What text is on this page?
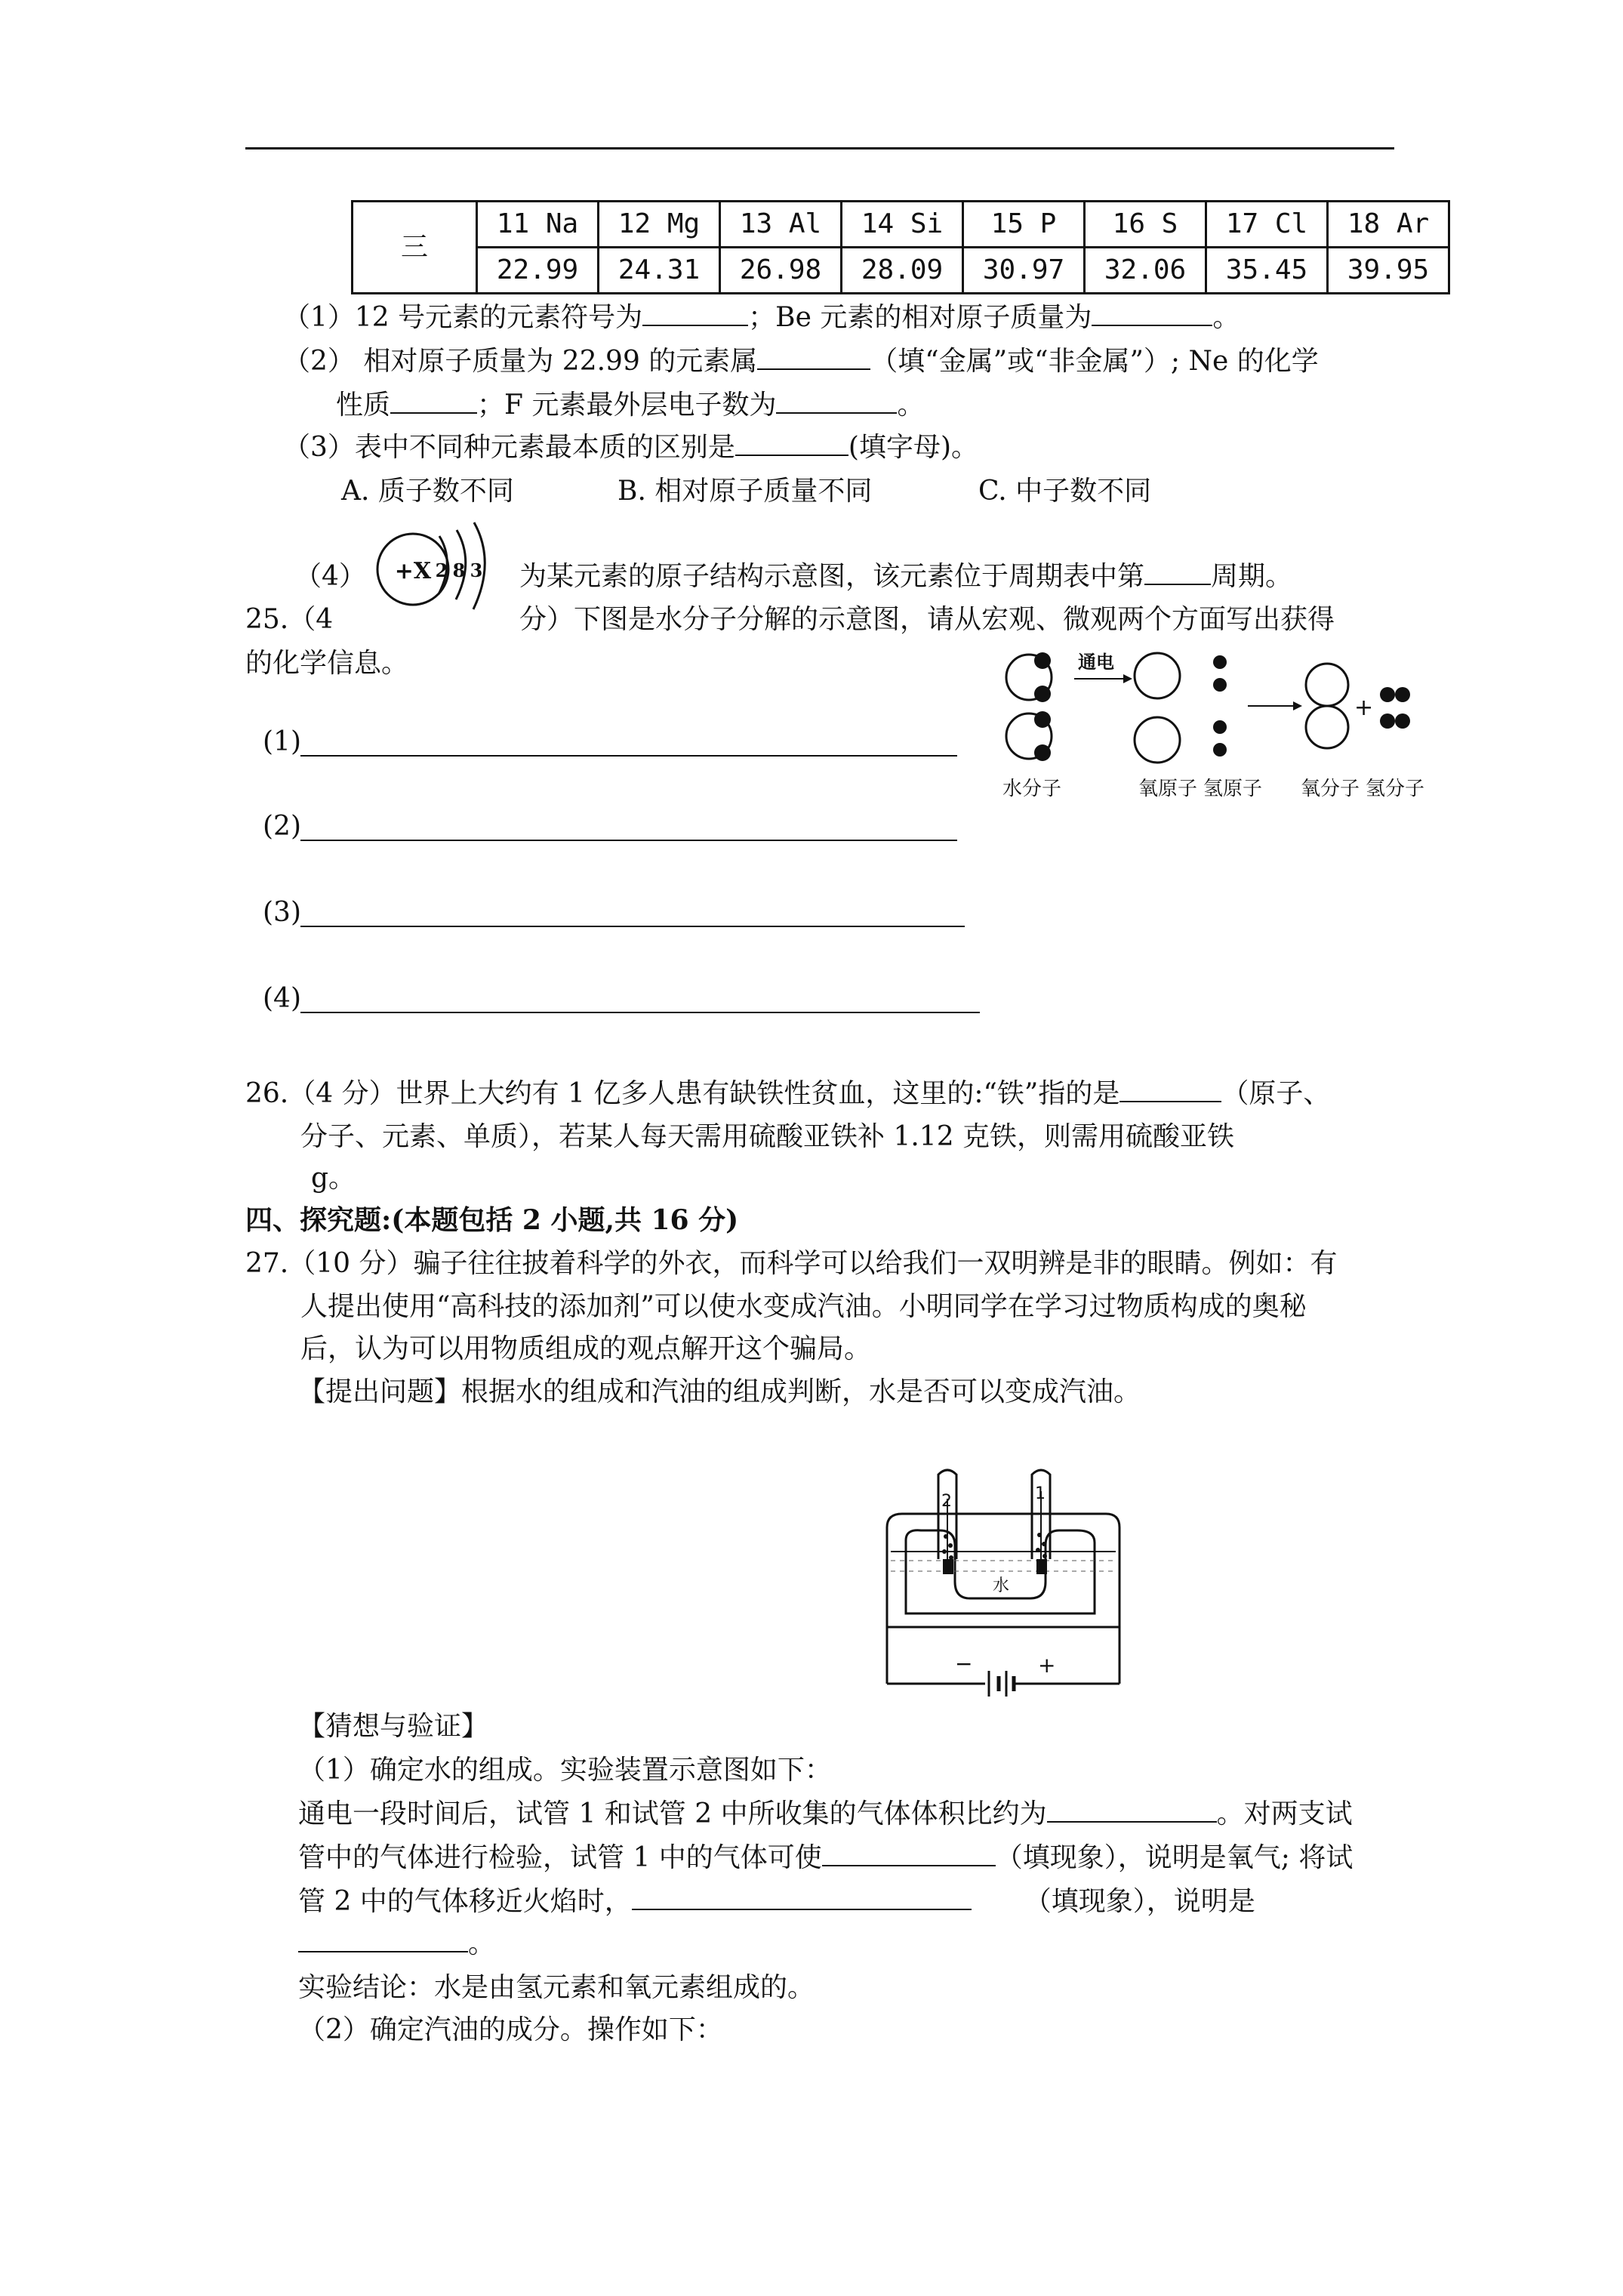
三	11 Na	12 Mg	13 Al	14 Si	15 P	16 S	17 Cl	18 Ar
	22.99	24.31	26.98	28.09	30.97	32.06	35.45	39.95
（1）12 号元素的元素符号为	；Be 元素的相对原子质量为	。
（2） 相对原子质量为 22.99 的元素属	（填“金属”或“非金属”）; Ne 的化学
性质	；F 元素最外层电子数为	。
（3）表中不同种元素最本质的区别是	(填字母)。
A. 质子数不同	B. 相对原子质量不同	C. 中子数不同
（4） +X 2 8 3 为某元素的原子结构示意图，该元素位于周期表中第 周期。
25.（4	分）下图是水分子分解的示意图，请从宏观、微观两个方面写出获得
的化学信息。	通电
+
水分子	氧原子 氢原子 氧分子 氢分子
(1)
(2)
(3)
(4)
26.（4 分）世界上大约有 1 亿多人患有缺铁性贫血，这里的:“铁”指的是	（原子、
分子、元素、单质），若某人每天需用硫酸亚铁补 1.12 克铁，则需用硫酸亚铁
g。
四、探究题:(本题包括 2 小题,共 16 分)
27.（10 分）骗子往往披着科学的外衣，而科学可以给我们一双明辨是非的眼睛。例如：有
人提出使用“高科技的添加剂”可以使水变成汽油。小明同学在学习过物质构成的奥秘
后，认为可以用物质组成的观点解开这个骗局。
【提出问题】根据水的组成和汽油的组成判断，水是否可以变成汽油。
2	1
水
−	+
【猜想与验证】
（1）确定水的组成。实验装置示意图如下：
通电一段时间后，试管 1 和试管 2 中所收集的气体体积比约为	。对两支试
管中的气体进行检验，试管 1 中的气体可使	（填现象），说明是氧气; 将试
管 2 中的气体移近火焰时，	（填现象），说明是
。
实验结论：水是由氢元素和氧元素组成的。
（2）确定汽油的成分。操作如下：
